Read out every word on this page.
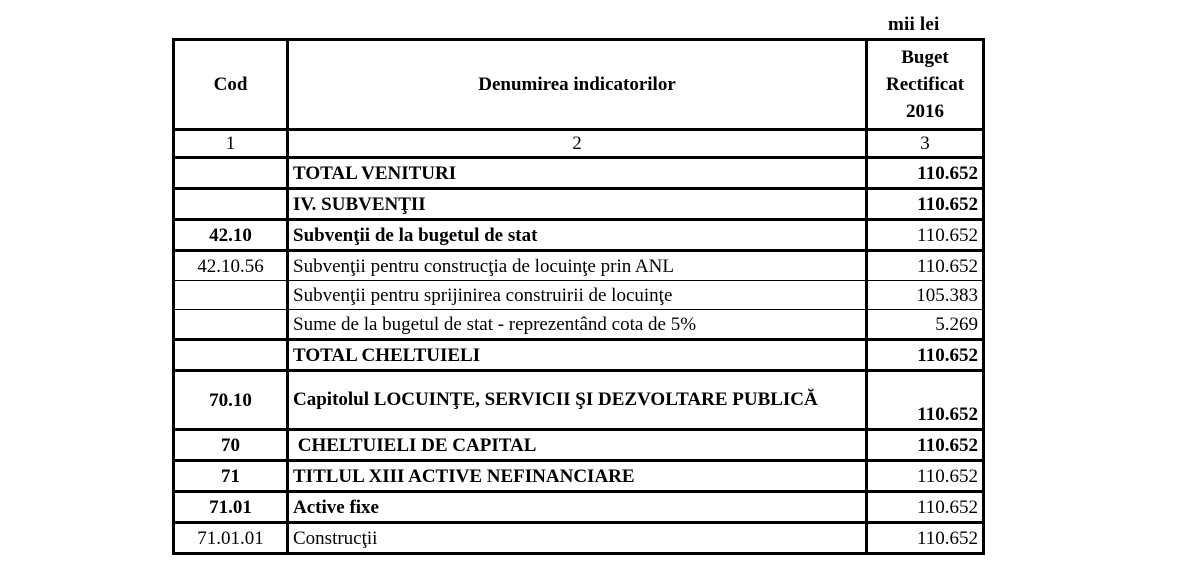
mii lei
Cod	Denumirea indicatorilor	Buget Rectificat 2016
1	2	3
	TOTAL VENITURI	110.652
	IV. SUBVENŢII	110.652
42.10	Subvenţii de la bugetul de stat	110.652
42.10.56	Subvenţii pentru construcţia de locuinţe prin ANL	110.652
	Subvenţii pentru sprijinirea construirii de locuinţe	105.383
	Sume de la bugetul de stat - reprezentând cota de 5%	5.269
	TOTAL CHELTUIELI	110.652
70.10	Capitolul LOCUINŢE, SERVICII ŞI DEZVOLTARE PUBLICĂ	110.652
70	CHELTUIELI DE CAPITAL	110.652
71	TITLUL XIII ACTIVE NEFINANCIARE	110.652
71.01	Active fixe	110.652
71.01.01	Construcţii	110.652
